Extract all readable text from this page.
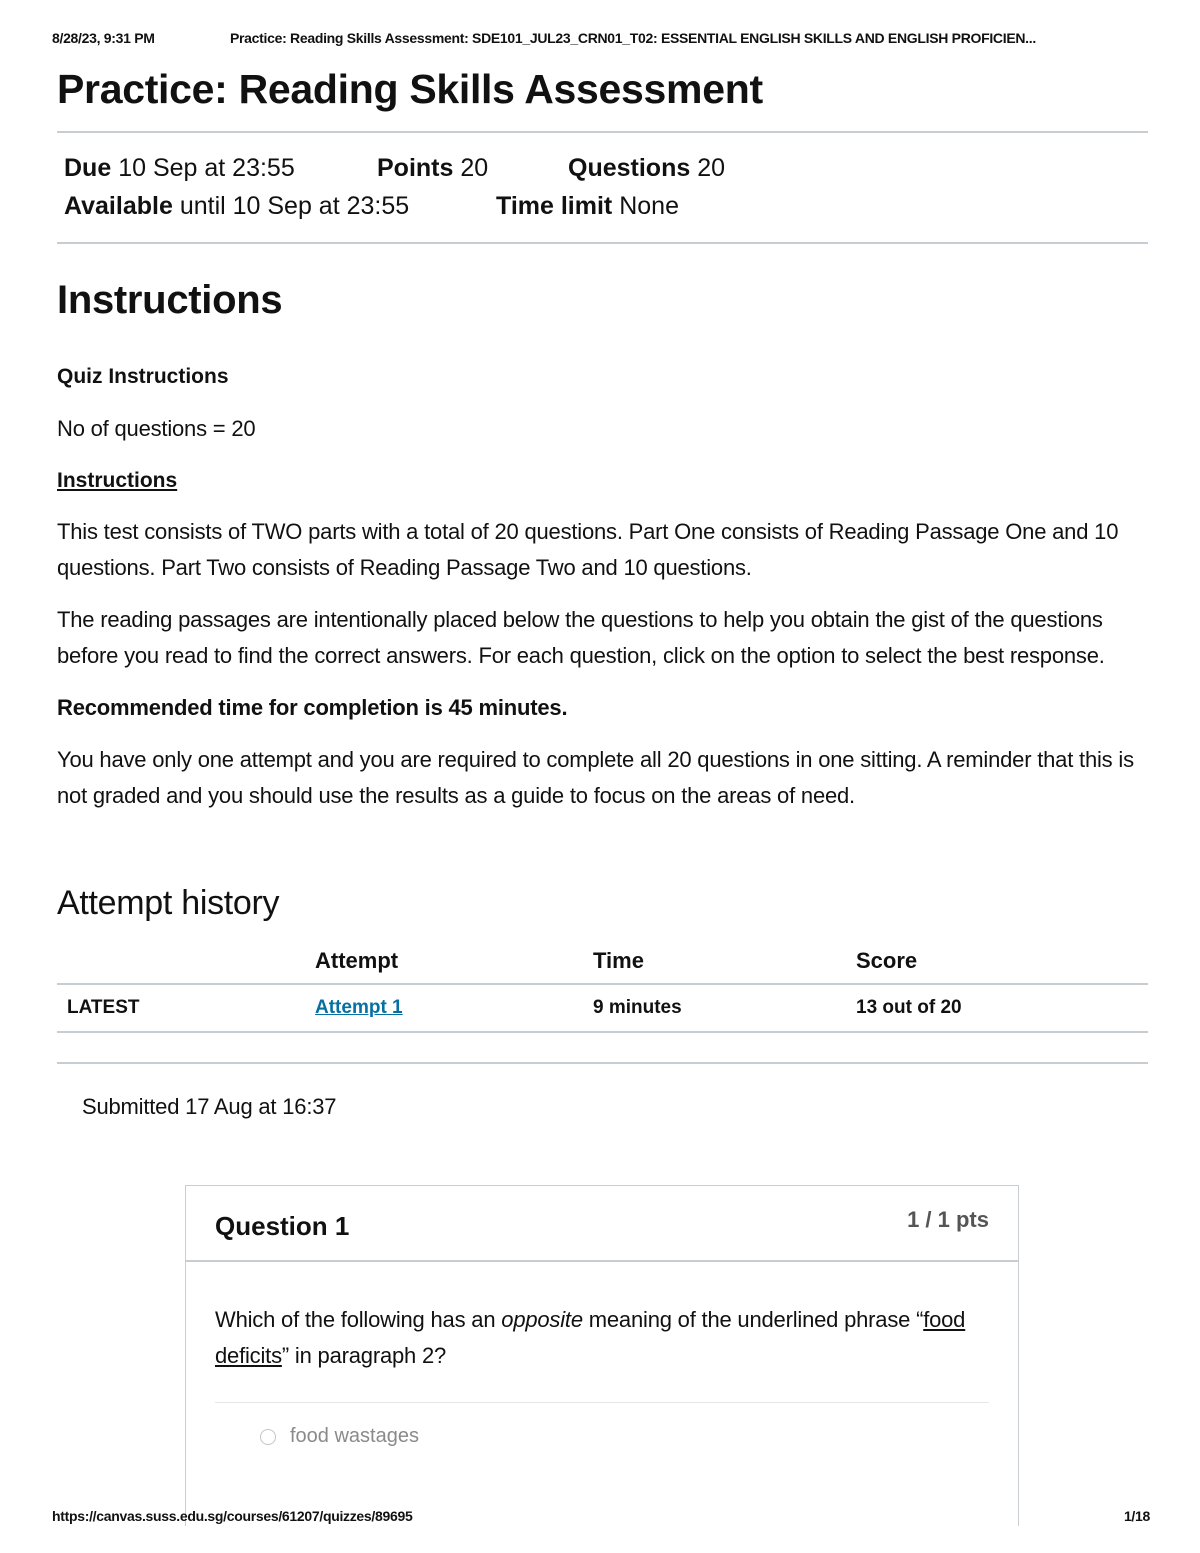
8/28/23, 9:31 PM	Practice: Reading Skills Assessment: SDE101_JUL23_CRN01_T02: ESSENTIAL ENGLISH SKILLS AND ENGLISH PROFICIEN...
Practice: Reading Skills Assessment
Due 10 Sep at 23:55	Points 20	Questions 20
Available until 10 Sep at 23:55	Time limit None
Instructions

Quiz Instructions

No of questions = 20

Instructions

This test consists of TWO parts with a total of 20 questions. Part One consists of Reading Passage One and 10 questions. Part Two consists of Reading Passage Two and 10 questions.

The reading passages are intentionally placed below the questions to help you obtain the gist of the questions before you read to find the correct answers. For each question, click on the option to select the best response.

Recommended time for completion is 45 minutes.

You have only one attempt and you are required to complete all 20 questions in one sitting. A reminder that this is not graded and you should use the results as a guide to focus on the areas of need.

Attempt history
	Attempt	Time	Score
LATEST	Attempt 1	9 minutes	13 out of 20

Submitted 17 Aug at 16:37

Question 1	1 / 1 pts

Which of the following has an opposite meaning of the underlined phrase “food deficits” in paragraph 2?

food wastages
https://canvas.suss.edu.sg/courses/61207/quizzes/89695	1/18
